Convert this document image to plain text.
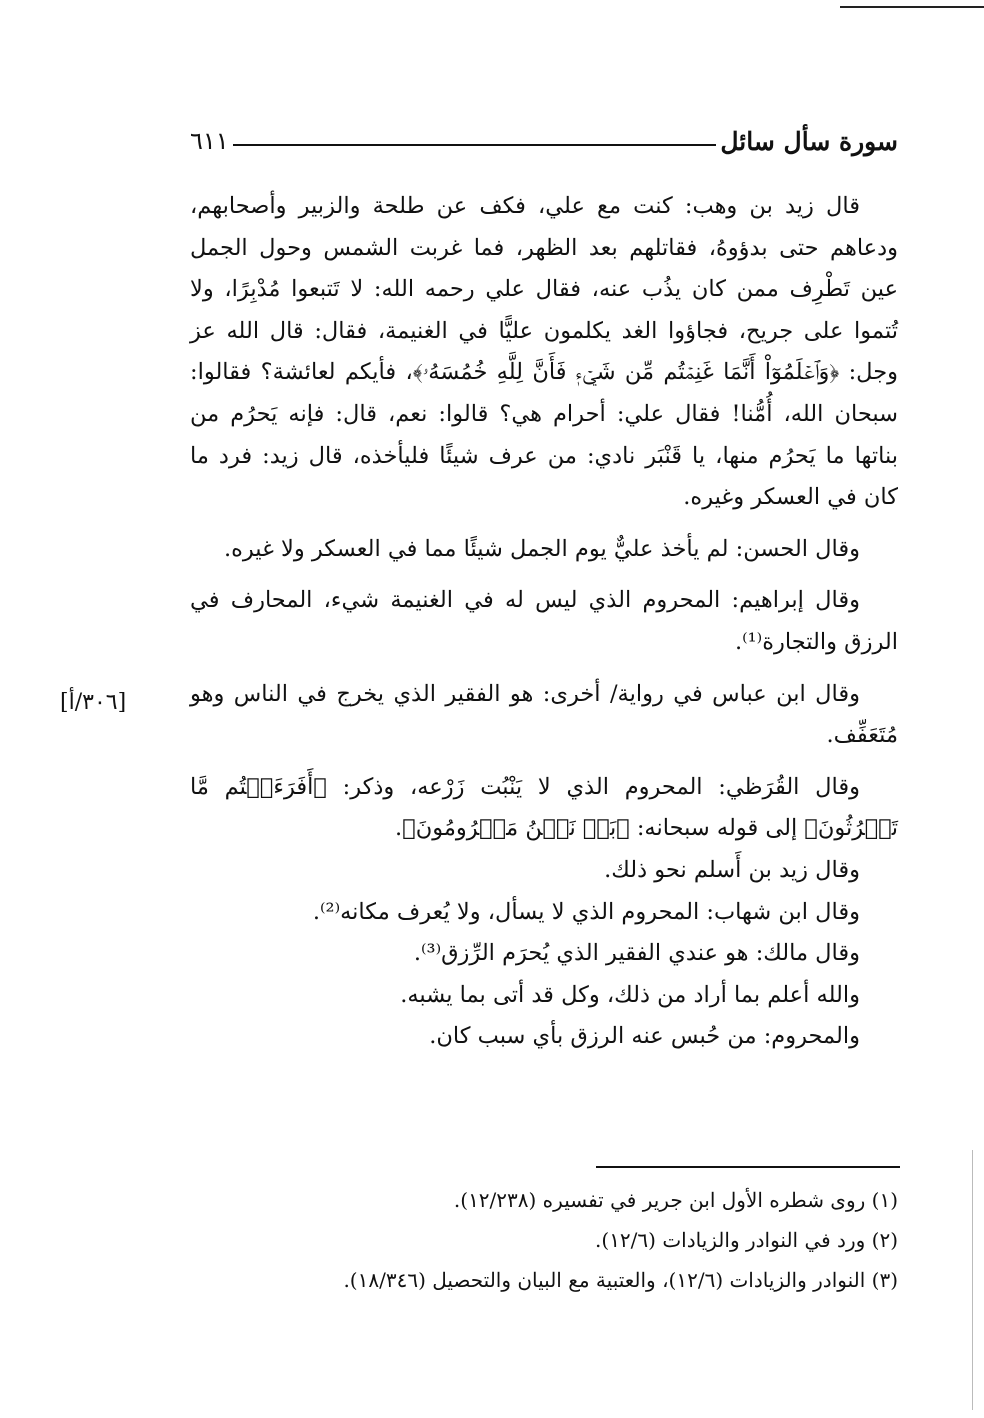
سورة سأل سائل
٦١١
[٣٠٦/أ]

قال زيد بن وهب: كنت مع علي، فكف عن طلحة والزبير وأصحابهم، ودعاهم حتى بدؤوهُ، فقاتلهم بعد الظهر، فما غربت الشمس وحول الجمل عين تَطْرِف ممن كان يذُب عنه، فقال علي رحمه الله: لا تَتبعوا مُدْبِرًا، ولا تُتموا على جريح، فجاؤوا الغد يكلمون عليًّا في الغنيمة، فقال: قال الله عز وجل: ﴿وَٱعۡلَمُوٓاْ أَنَّمَا غَنِمۡتُم مِّن شَيۡءٖ فَأَنَّ لِلَّهِ خُمُسَهُۥ﴾، فأيكم لعائشة؟ فقالوا: سبحان الله، أُمُّنا! فقال علي: أحرام هي؟ قالوا: نعم، قال: فإنه يَحرُم من بناتها ما يَحرُم منها، يا قَنْبَر نادي: من عرف شيئًا فليأخذه، قال زيد: فرد ما كان في العسكر وغيره.

وقال الحسن: لم يأخذ عليٌّ يوم الجمل شيئًا مما في العسكر ولا غيره.

وقال إبراهيم: المحروم الذي ليس له في الغنيمة شيء، المحارف في الرزق والتجارة⁽¹⁾.

وقال ابن عباس في رواية/ أخرى: هو الفقير الذي يخرج في الناس وهو مُتَعَفِّف.

وقال القُرَظي: المحروم الذي لا يَنْبُت زَرْعه، وذكر: ﴿أَفَرَءَيۡتُم مَّا تَحۡرُثُونَ﴾ إلى قوله سبحانه: ﴿بَلۡ نَحۡنُ مَحۡرُومُونَ﴾.

وقال زيد بن أَسلم نحو ذلك.

وقال ابن شهاب: المحروم الذي لا يسأل، ولا يُعرف مكانه⁽²⁾.

وقال مالك: هو عندي الفقير الذي يُحرَم الرِّزق⁽³⁾.

والله أعلم بما أراد من ذلك، وكل قد أتى بما يشبه.

والمحروم: من حُبس عنه الرزق بأي سبب كان.

(١) روى شطره الأول ابن جرير في تفسيره (١٢/٢٣٨).

(٢) ورد في النوادر والزيادات (١٢/٦).

(٣) النوادر والزيادات (١٢/٦)، والعتبية مع البيان والتحصيل (١٨/٣٤٦).
